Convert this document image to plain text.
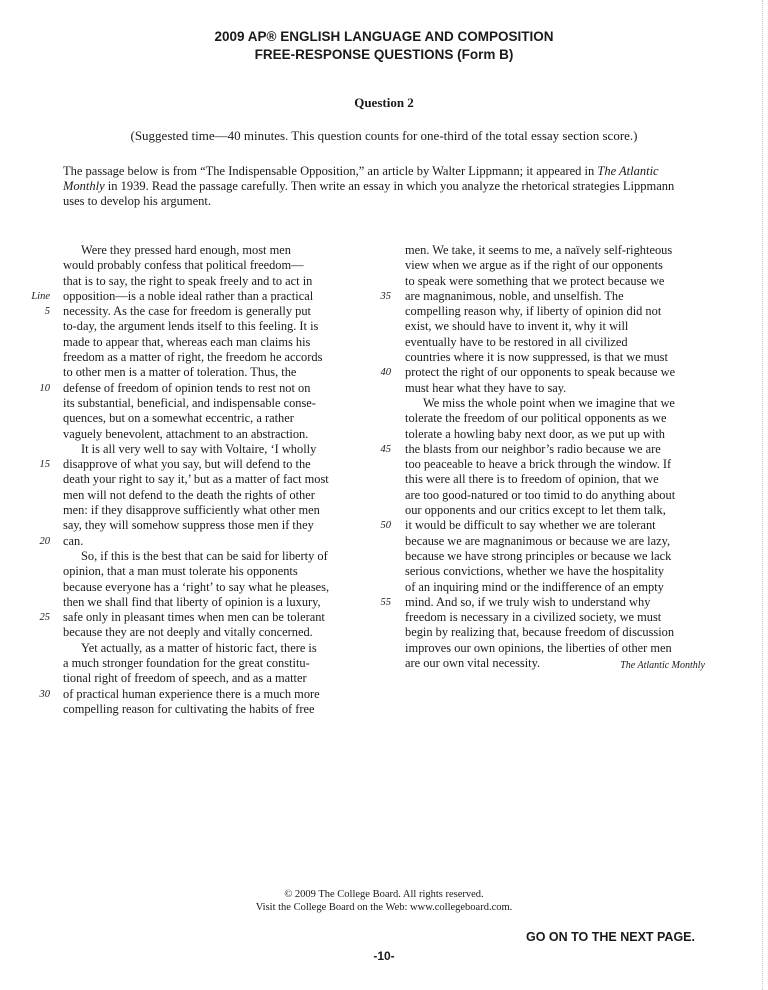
2009 AP® ENGLISH LANGUAGE AND COMPOSITION
FREE-RESPONSE QUESTIONS (Form B)
Question 2
(Suggested time—40 minutes. This question counts for one-third of the total essay section score.)
The passage below is from “The Indispensable Opposition,” an article by Walter Lippmann; it appeared in The Atlantic Monthly in 1939. Read the passage carefully. Then write an essay in which you analyze the rhetorical strategies Lippmann uses to develop his argument.
Were they pressed hard enough, most men
would probably confess that political freedom—
that is to say, the right to speak freely and to act in
Line opposition—is a noble ideal rather than a practical
5 necessity. As the case for freedom is generally put
to-day, the argument lends itself to this feeling. It is
made to appear that, whereas each man claims his
freedom as a matter of right, the freedom he accords
to other men is a matter of toleration. Thus, the
10 defense of freedom of opinion tends to rest not on
its substantial, beneficial, and indispensable conse-
quences, but on a somewhat eccentric, a rather
vaguely benevolent, attachment to an abstraction.
It is all very well to say with Voltaire, ‘I wholly
15 disapprove of what you say, but will defend to the
death your right to say it,’ but as a matter of fact most
men will not defend to the death the rights of other
men: if they disapprove sufficiently what other men
say, they will somehow suppress those men if they
20 can.
So, if this is the best that can be said for liberty of
opinion, that a man must tolerate his opponents
because everyone has a ‘right’ to say what he pleases,
then we shall find that liberty of opinion is a luxury,
25 safe only in pleasant times when men can be tolerant
because they are not deeply and vitally concerned.
Yet actually, as a matter of historic fact, there is
a much stronger foundation for the great constitu-
tional right of freedom of speech, and as a matter
30 of practical human experience there is a much more
compelling reason for cultivating the habits of free
men. We take, it seems to me, a naïvely self-righteous
view when we argue as if the right of our opponents
to speak were something that we protect because we
35 are magnanimous, noble, and unselfish. The
compelling reason why, if liberty of opinion did not
exist, we should have to invent it, why it will
eventually have to be restored in all civilized
countries where it is now suppressed, is that we must
40 protect the right of our opponents to speak because we
must hear what they have to say.
We miss the whole point when we imagine that we
tolerate the freedom of our political opponents as we
tolerate a howling baby next door, as we put up with
45 the blasts from our neighbor’s radio because we are
too peaceable to heave a brick through the window. If
this were all there is to freedom of opinion, that we
are too good-natured or too timid to do anything about
our opponents and our critics except to let them talk,
50 it would be difficult to say whether we are tolerant
because we are magnanimous or because we are lazy,
because we have strong principles or because we lack
serious convictions, whether we have the hospitality
of an inquiring mind or the indifference of an empty
55 mind. And so, if we truly wish to understand why
freedom is necessary in a civilized society, we must
begin by realizing that, because freedom of discussion
improves our own opinions, the liberties of other men
are our own vital necessity.	The Atlantic Monthly
© 2009 The College Board. All rights reserved.
Visit the College Board on the Web: www.collegeboard.com.
GO ON TO THE NEXT PAGE.
-10-
